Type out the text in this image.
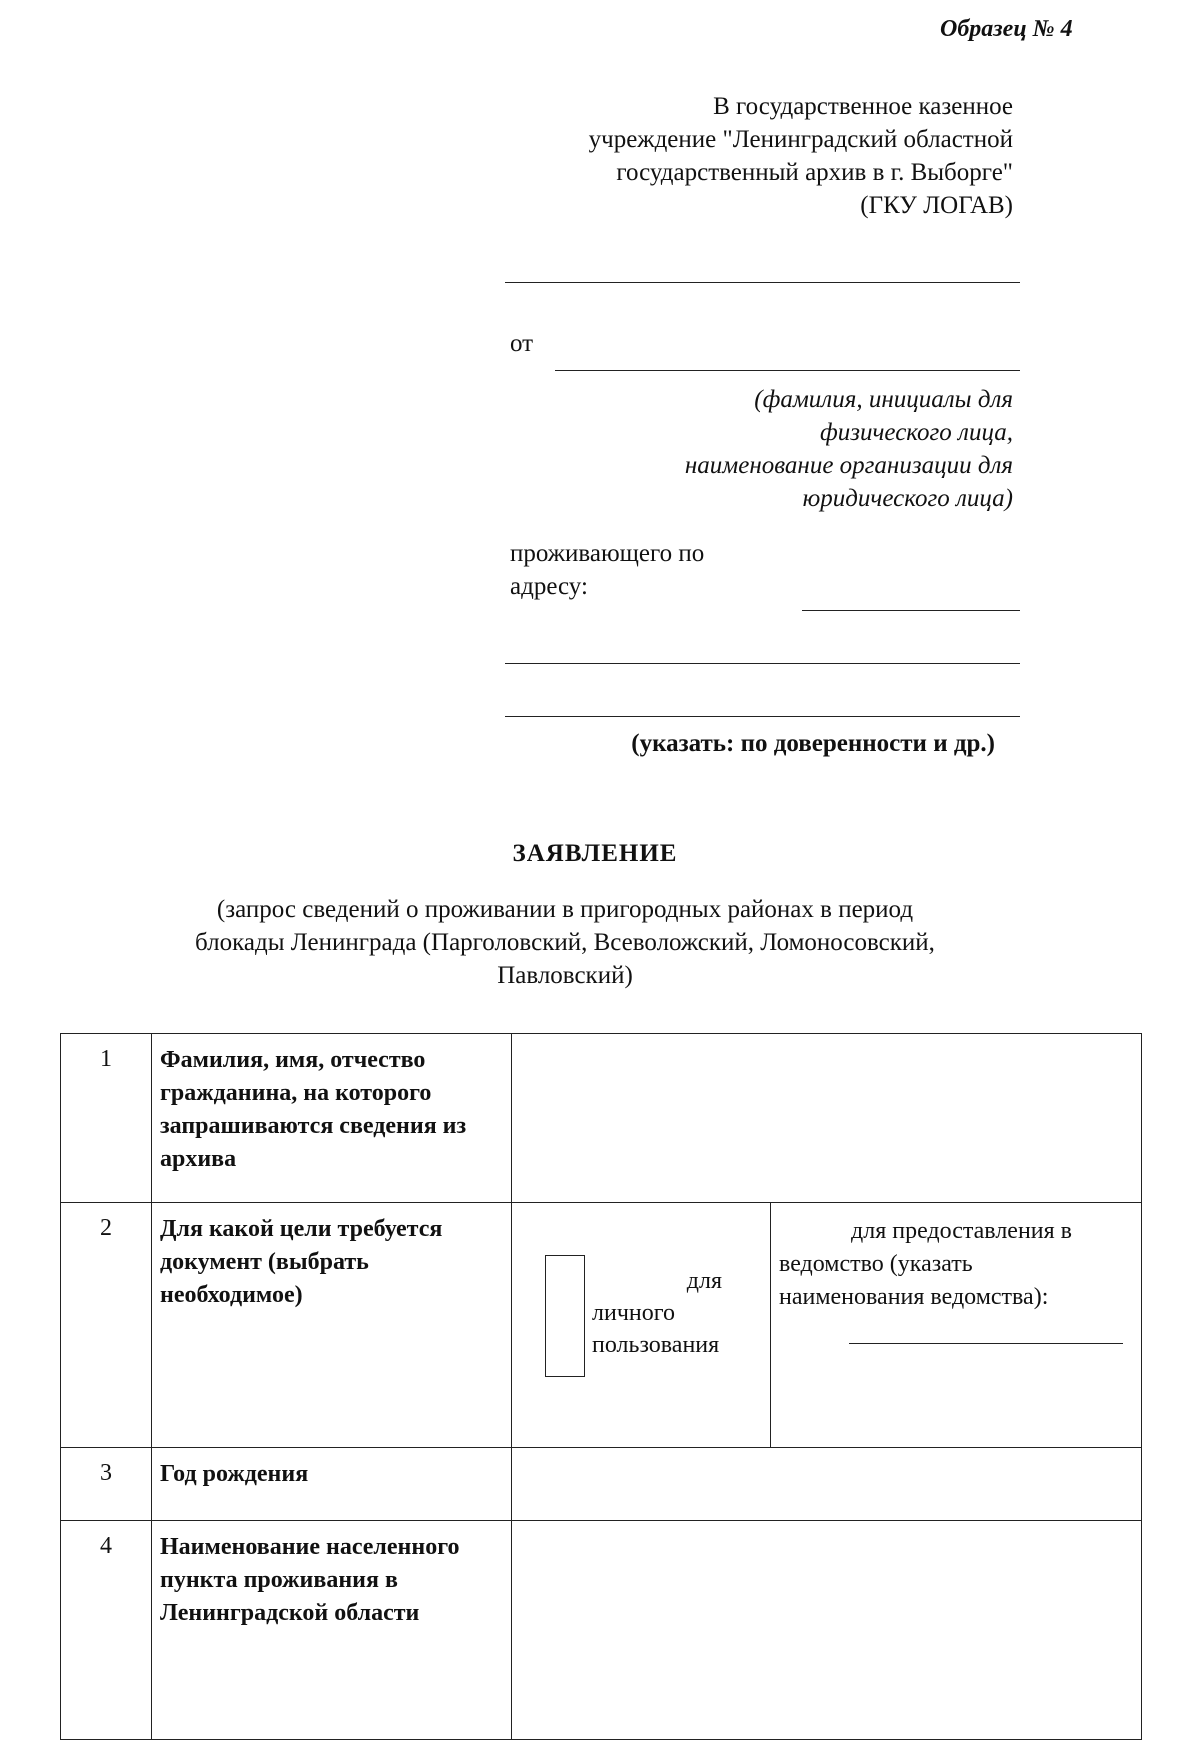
Образец № 4
В государственное казенное
учреждение "Ленинградский областной
государственный архив в г. Выборге"
(ГКУ ЛОГАВ)
от
(фамилия, инициалы для
физического лица,
наименование организации для
юридического лица)
проживающего по
адресу:
(указать: по доверенности и др.)
ЗАЯВЛЕНИЕ
(запрос сведений о проживании в пригородных районах в период
блокады Ленинграда (Парголовский, Всеволожский, Ломоносовский,
Павловский)
1	Фамилия, имя, отчество гражданина, на которого запрашиваются сведения из архива		
2	Для какой цели требуется документ (выбрать необходимое)	для
личного
пользования	для предоставления в ведомство (указать наименования ведомства):

3	Год рождения		
4	Наименование населенного пункта проживания в Ленинградской области		
